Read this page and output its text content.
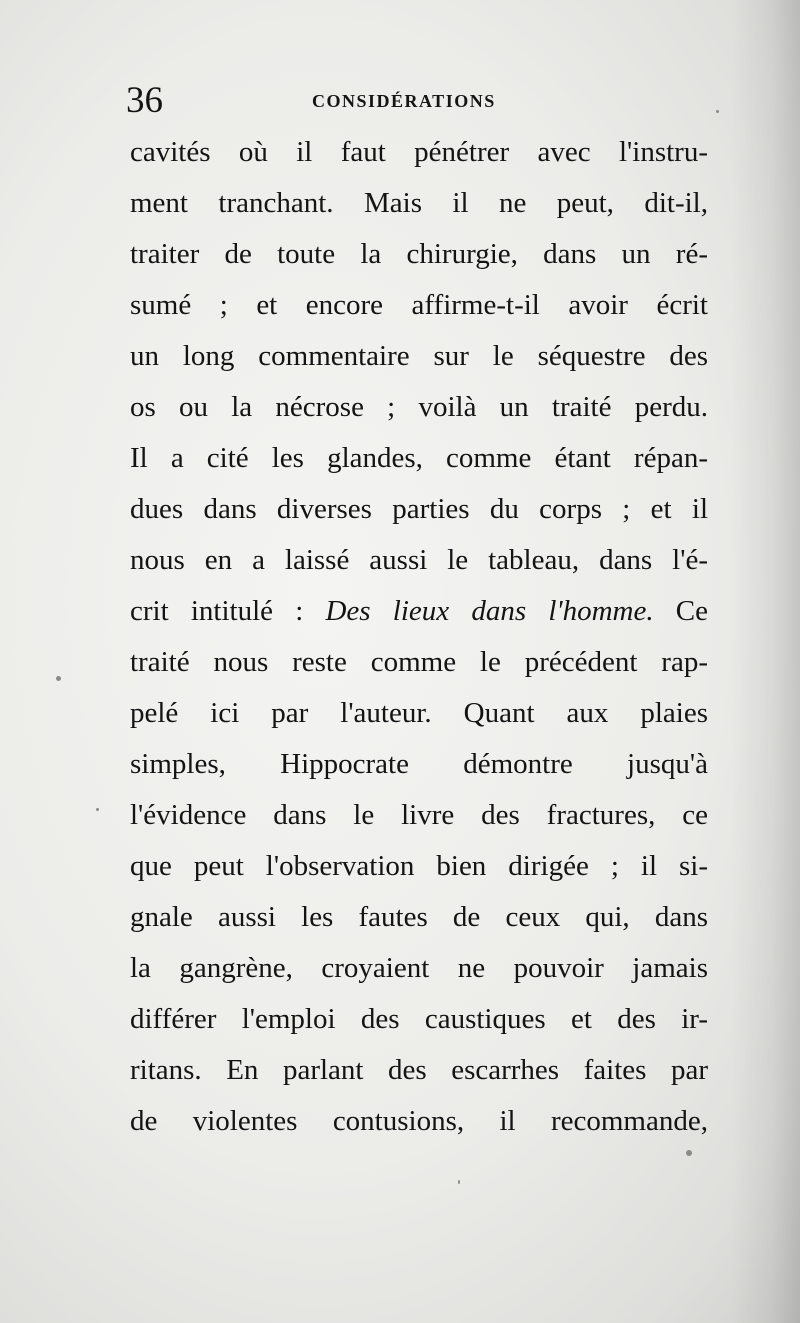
36	CONSIDÉRATIONS
cavités où il faut pénétrer avec l'instru-
ment tranchant. Mais il ne peut, dit-il,
traiter de toute la chirurgie, dans un ré-
sumé ; et encore affirme-t-il avoir écrit
un long commentaire sur le séquestre des
os ou la nécrose ; voilà un traité perdu.
Il a cité les glandes, comme étant répan-
dues dans diverses parties du corps ; et il
nous en a laissé aussi le tableau, dans l'é-
crit intitulé : Des lieux dans l'homme. Ce
traité nous reste comme le précédent rap-
pelé ici par l'auteur. Quant aux plaies
simples, Hippocrate démontre jusqu'à
l'évidence dans le livre des fractures, ce
que peut l'observation bien dirigée ; il si-
gnale aussi les fautes de ceux qui, dans
la gangrène, croyaient ne pouvoir jamais
différer l'emploi des caustiques et des ir-
ritans. En parlant des escarrhes faites par
de violentes contusions, il recommande,
